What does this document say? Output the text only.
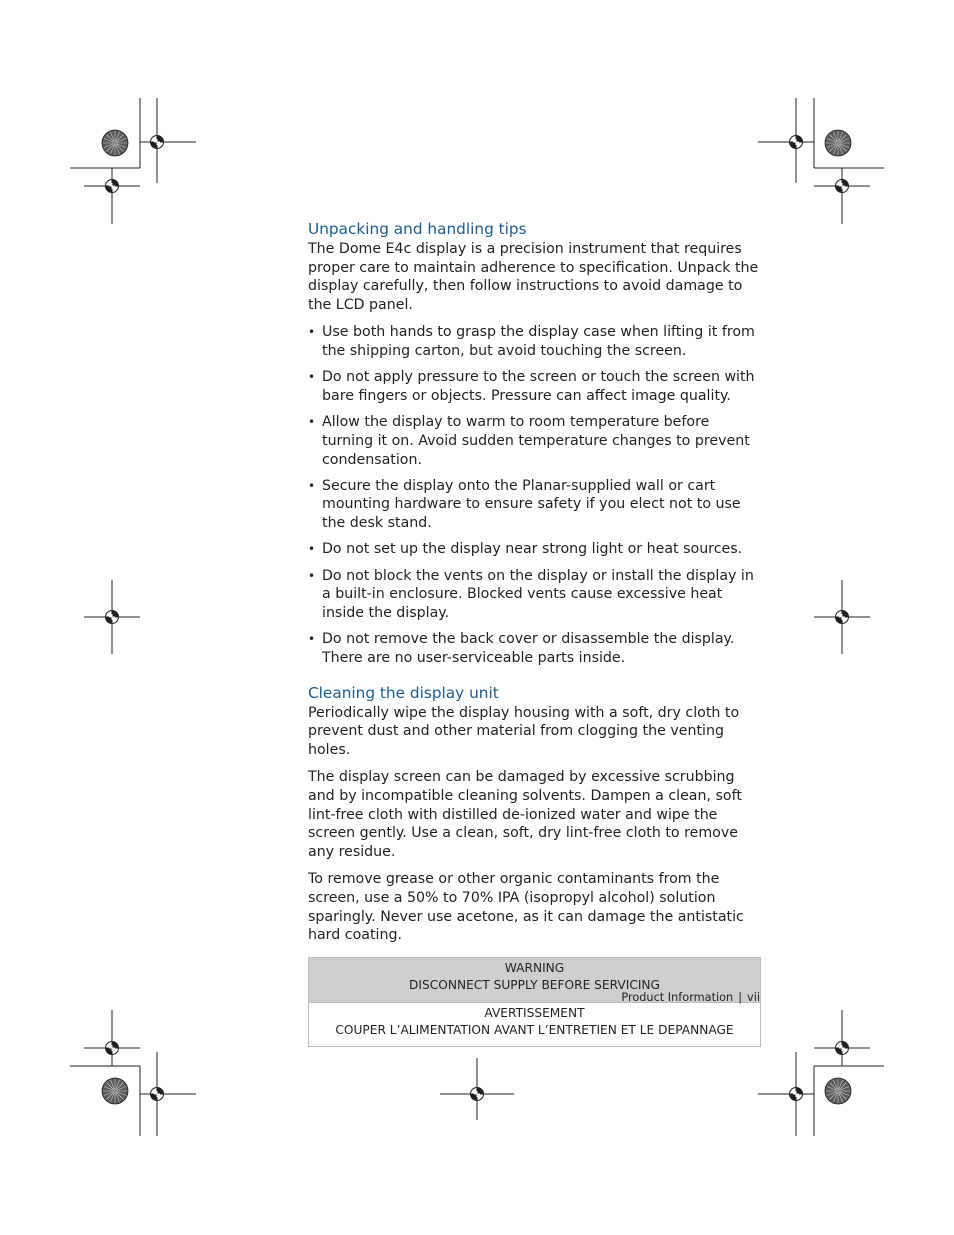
Unpacking and handling tips

The Dome E4c display is a precision instrument that requires proper care to maintain adherence to specification. Unpack the display carefully, then follow instructions to avoid damage to the LCD panel.

• Use both hands to grasp the display case when lifting it from the shipping carton, but avoid touching the screen.
• Do not apply pressure to the screen or touch the screen with bare fingers or objects. Pressure can affect image quality.
• Allow the display to warm to room temperature before turning it on. Avoid sudden temperature changes to prevent condensation.
• Secure the display onto the Planar-supplied wall or cart mounting hardware to ensure safety if you elect not to use the desk stand.
• Do not set up the display near strong light or heat sources.
• Do not block the vents on the display or install the display in a built-in enclosure. Blocked vents cause excessive heat inside the display.
• Do not remove the back cover or disassemble the display. There are no user-serviceable parts inside.
Cleaning the display unit

Periodically wipe the display housing with a soft, dry cloth to prevent dust and other material from clogging the venting holes.

The display screen can be damaged by excessive scrubbing and by incompatible cleaning solvents. Dampen a clean, soft lint-free cloth with distilled de-ionized water and wipe the screen gently. Use a clean, soft, dry lint-free cloth to remove any residue.

To remove grease or other organic contaminants from the screen, use a 50% to 70% IPA (isopropyl alcohol) solution sparingly. Never use acetone, as it can damage the antistatic hard coating.

WARNING
DISCONNECT SUPPLY BEFORE SERVICING
AVERTISSEMENT
COUPER L’ALIMENTATION AVANT L’ENTRETIEN ET LE DEPANNAGE
Product Information | vii
